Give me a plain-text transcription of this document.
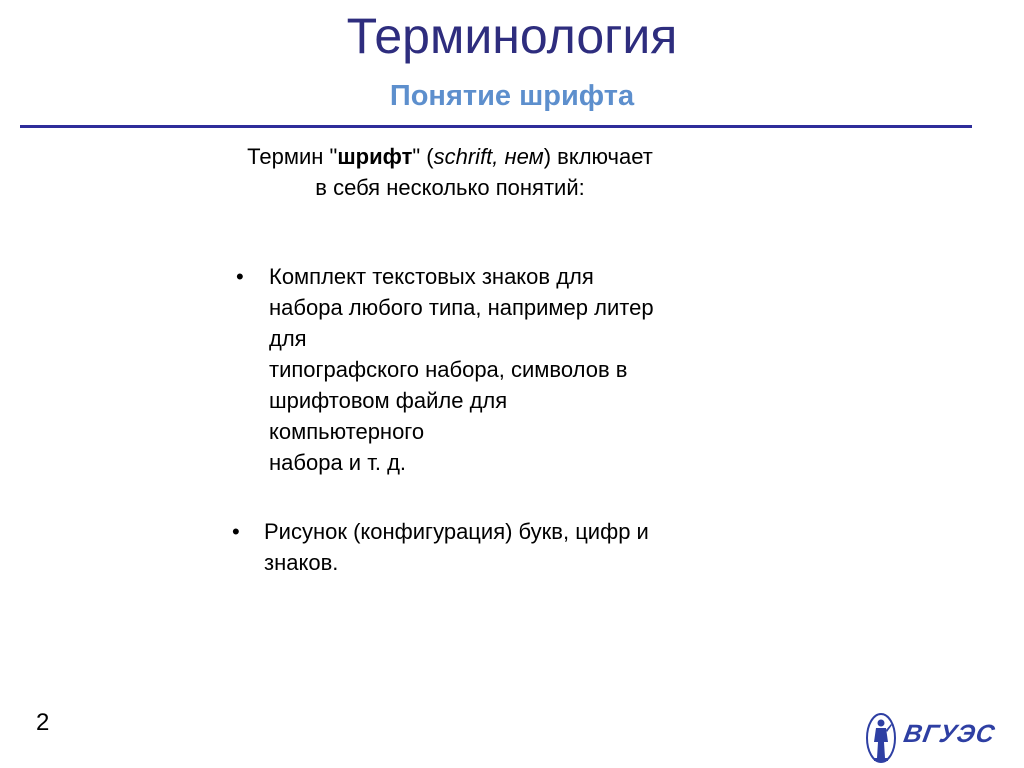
Терминология
Понятие шрифта
Термин "шрифт" (schrift, нем) включает
в себя несколько понятий:
• Комплект текстовых знаков для
набора любого типа, например литер
для
типографского набора, символов в
шрифтовом файле для
компьютерного
набора и т. д.
• Рисунок (конфигурация) букв, цифр и
знаков.
2	ВГУЭС
